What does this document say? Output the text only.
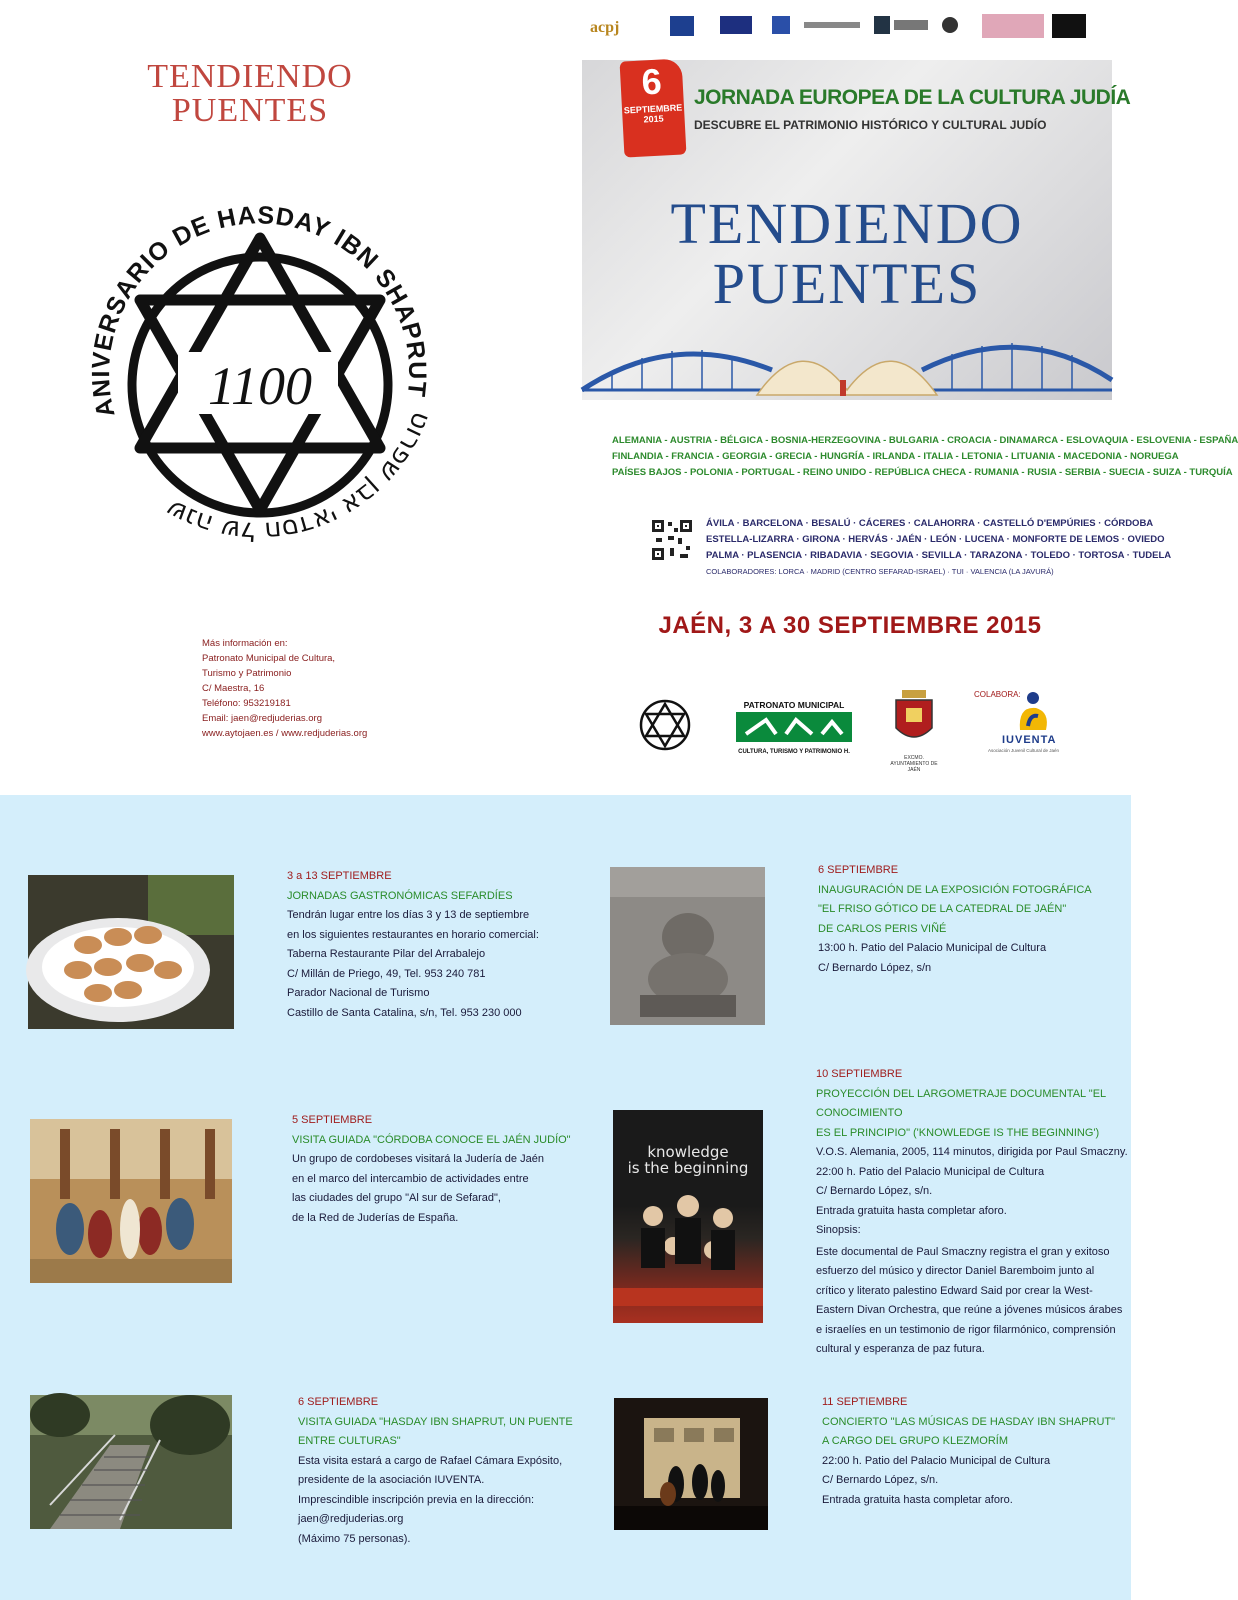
TENDIENDO
PUENTES
1100
ANIVERSARIO DE HASDAY IBN SHAPRUT
שנה של חסדאי אבן שפרוט
Más información en:
Patronato Municipal de Cultura,
Turismo y Patrimonio
C/ Maestra, 16
Teléfono: 953219181
Email: jaen@redjuderias.org
www.aytojaen.es / www.redjuderias.org
acpj
6
SEPTIEMBRE
2015
JORNADA EUROPEA DE LA CULTURA JUDÍA
DESCUBRE EL PATRIMONIO HISTÓRICO Y CULTURAL JUDÍO
TENDIENDO
PUENTES
ALEMANIA - AUSTRIA - BÉLGICA - BOSNIA-HERZEGOVINA - BULGARIA - CROACIA - DINAMARCA - ESLOVAQUIA - ESLOVENIA - ESPAÑA
FINLANDIA - FRANCIA - GEORGIA - GRECIA - HUNGRÍA - IRLANDA - ITALIA - LETONIA - LITUANIA - MACEDONIA - NORUEGA
PAÍSES BAJOS - POLONIA - PORTUGAL - REINO UNIDO - REPÚBLICA CHECA - RUMANIA - RUSIA - SERBIA - SUECIA - SUIZA - TURQUÍA
ÁVILA · BARCELONA · BESALÚ · CÁCERES · CALAHORRA · CASTELLÓ D'EMPÚRIES · CÓRDOBA
ESTELLA-LIZARRA · GIRONA · HERVÁS · JAÉN · LEÓN · LUCENA · MONFORTE DE LEMOS · OVIEDO
PALMA · PLASENCIA · RIBADAVIA · SEGOVIA · SEVILLA · TARAZONA · TOLEDO · TORTOSA · TUDELA
COLABORADORES: LORCA · MADRID (CENTRO SEFARAD-ISRAEL) · TUI · VALENCIA (LA JAVURÁ)
JAÉN, 3 A 30 SEPTIEMBRE 2015
PATRONATO MUNICIPAL
CULTURA, TURISMO Y PATRIMONIO H.
EXCMO. AYUNTAMIENTO DE JAÉN
COLABORA:
IUVENTA
Asociación Juvenil Cultural de Jaén
3 a 13 SEPTIEMBRE
JORNADAS GASTRONÓMICAS SEFARDÍES
Tendrán lugar entre los días 3 y 13 de septiembre
en los siguientes restaurantes en horario comercial:
Taberna Restaurante Pilar del Arrabalejo
C/ Millán de Priego, 49, Tel. 953 240 781
Parador Nacional de Turismo
Castillo de Santa Catalina, s/n, Tel. 953 230 000
6 SEPTIEMBRE
INAUGURACIÓN DE LA EXPOSICIÓN FOTOGRÁFICA
"EL FRISO GÓTICO DE LA CATEDRAL DE JAÉN"
DE CARLOS PERIS VIÑÉ
13:00 h. Patio del Palacio Municipal de Cultura
C/ Bernardo López, s/n
5 SEPTIEMBRE
VISITA GUIADA "CÓRDOBA CONOCE EL JAÉN JUDÍO"
Un grupo de cordobeses visitará la Judería de Jaén
en el marco del intercambio de actividades entre
las ciudades del grupo "Al sur de Sefarad",
de la Red de Juderías de España.
knowledge
is the beginning
10 SEPTIEMBRE
PROYECCIÓN DEL LARGOMETRAJE DOCUMENTAL "EL CONOCIMIENTO
ES EL PRINCIPIO" ('KNOWLEDGE IS THE BEGINNING')
V.O.S. Alemania, 2005, 114 minutos, dirigida por Paul Smaczny.
22:00 h. Patio del Palacio Municipal de Cultura
C/ Bernardo López, s/n.
Entrada gratuita hasta completar aforo.
Sinopsis:
Este documental de Paul Smaczny registra el gran y exitoso
esfuerzo del músico y director Daniel Baremboim junto al
crítico y literato palestino Edward Said por crear la West-
Eastern Divan Orchestra, que reúne a jóvenes músicos árabes
e israelíes en un testimonio de rigor filarmónico, comprensión
cultural y esperanza de paz futura.
6 SEPTIEMBRE
VISITA GUIADA "HASDAY IBN SHAPRUT, UN PUENTE
ENTRE CULTURAS"
Esta visita estará a cargo de Rafael Cámara Expósito,
presidente de la asociación IUVENTA.
Imprescindible inscripción previa en la dirección:
jaen@redjuderias.org
(Máximo 75 personas).
11 SEPTIEMBRE
CONCIERTO "LAS MÚSICAS DE HASDAY IBN SHAPRUT"
A CARGO DEL GRUPO KLEZMORÍM
22:00 h. Patio del Palacio Municipal de Cultura
C/ Bernardo López, s/n.
Entrada gratuita hasta completar aforo.
